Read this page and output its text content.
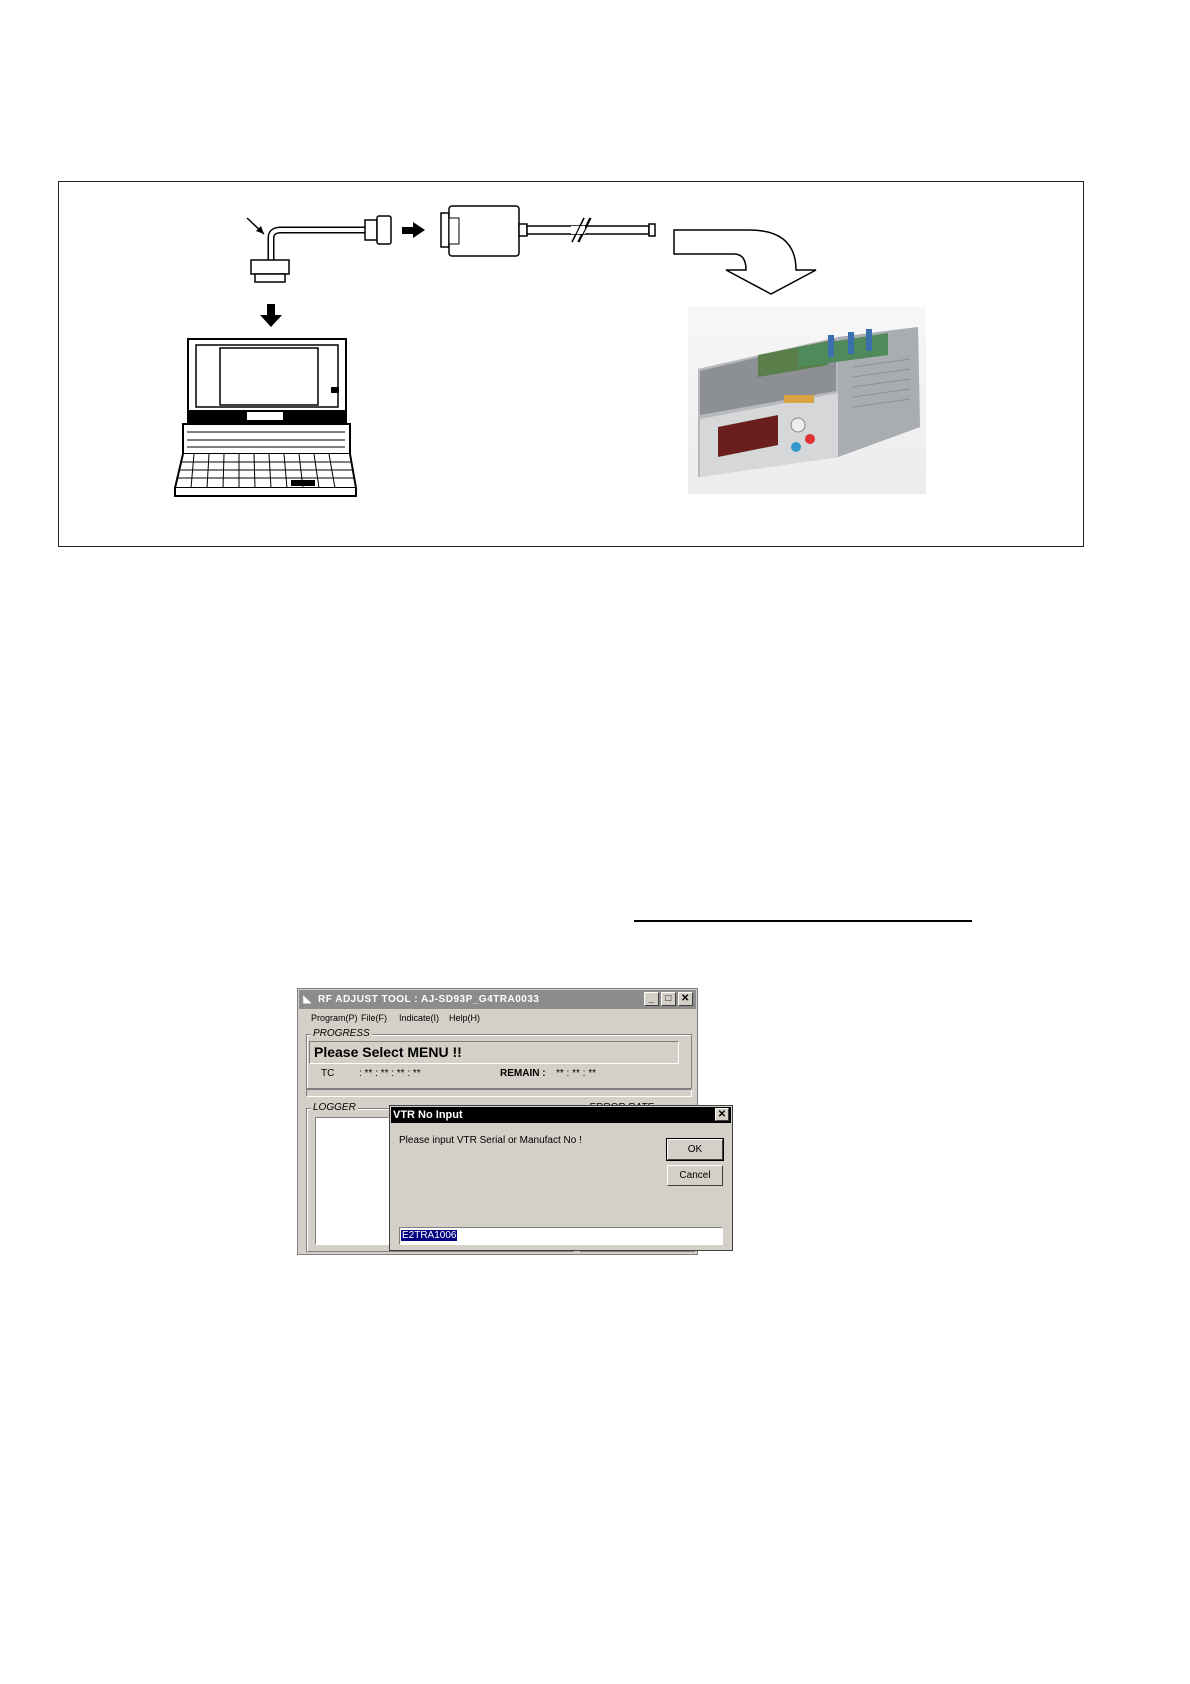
◣ RF ADJUST TOOL : AJ-SD93P_G4TRA0033	_	□ ✕
Program(P) File(F) Indicate(I) Help(H)
PROGRESS
Please Select MENU !!
TC : ** : ** : ** : **	REMAIN : ** : ** : **
LOGGER
VTR No Input	✕
Please input VTR Serial or Manufact No !
OK
Cancel
E2TRA1006
